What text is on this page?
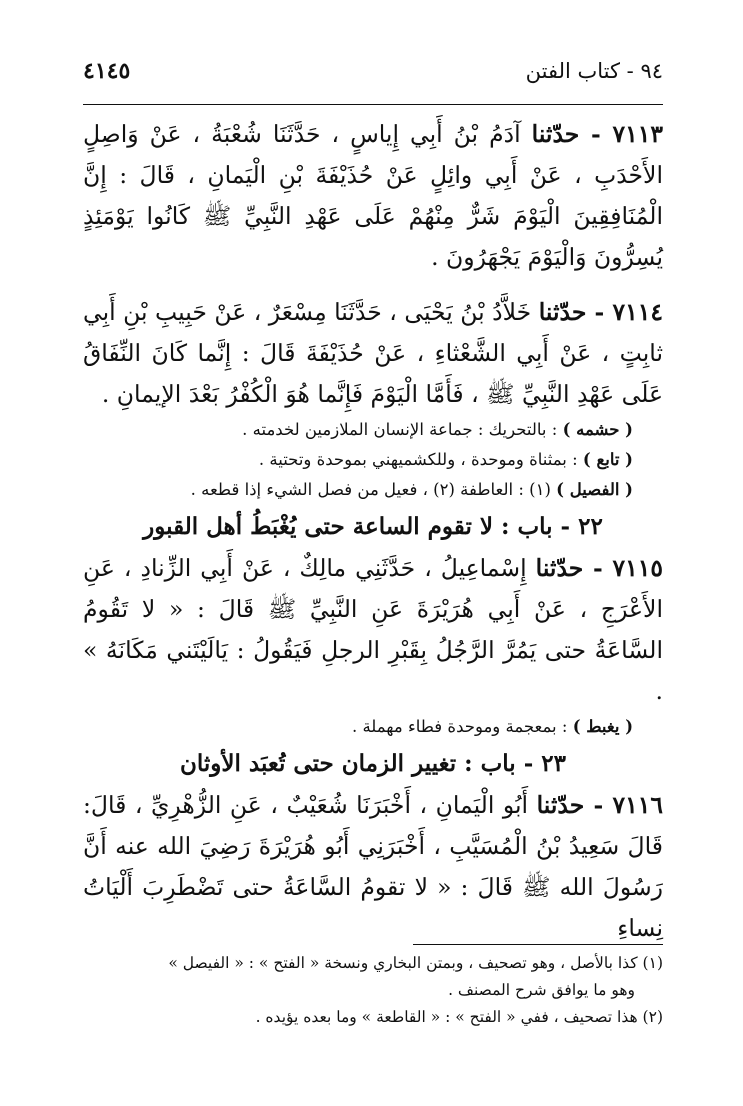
٩٤ - كتاب الفتن
٤١٤٥

٧١١٣ - حدّثنا آدَمُ بْنُ أَبِي إِياسٍ ، حَدَّثَنَا شُعْبَةُ ، عَنْ وَاصِلٍ الأَحْدَبِ ، عَنْ أَبِي وائِلٍ عَنْ حُذَيْفَةَ بْنِ الْيَمانِ ، قَالَ : إِنَّ الْمُنَافِقِينَ الْيَوْمَ شَرٌّ مِنْهُمْ عَلَى عَهْدِ النَّبِيِّ ﷺ كَانُوا يَوْمَئِذٍ يُسِرُّونَ وَالْيَوْمَ يَجْهَرُونَ .

٧١١٤ - حدّثنا خَلاَّدُ بْنُ يَحْيَى ، حَدَّثَنَا مِسْعَرٌ ، عَنْ حَبِيبِ بْنِ أَبِي ثابِتٍ ، عَنْ أَبِي الشَّعْثاءِ ، عَنْ حُذَيْفَةَ قَالَ : إِنَّما كَانَ النِّفَاقُ عَلَى عَهْدِ النَّبِيِّ ﷺ ، فَأَمَّا الْيَوْمَ فَإِنَّما هُوَ الْكُفْرُ بَعْدَ الإيمانِ .

( حشمه ) : بالتحريك : جماعة الإنسان الملازمين لخدمته .

( تابع ) : بمثناة وموحدة ، وللكشميهني بموحدة وتحتية .

( الفصيل ) (١) : العاطفة (٢) ، فعيل من فصل الشيء إذا قطعه .

٢٢ - باب : لا تقوم الساعة حتى يُغْبَطُ أهل القبور

٧١١٥ - حدّثنا إِسْماعِيلُ ، حَدَّثَنِي مالِكٌ ، عَنْ أَبِي الزِّنادِ ، عَنِ الأَعْرَجِ ، عَنْ أَبِي هُرَيْرَةَ عَنِ النَّبِيِّ ﷺ قَالَ : « لا تَقُومُ السَّاعَةُ حتى يَمُرَّ الرَّجُلُ بِقَبْرِ الرجلِ فَيَقُولُ : يَالَيْتَني مَكَانَهُ » .

( يغبط ) : بمعجمة وموحدة فطاء مهملة .

٢٣ - باب : تغيير الزمان حتى تُعبَد الأوثان

٧١١٦ - حدّثنا أَبُو الْيَمانِ ، أَخْبَرَنَا شُعَيْبٌ ، عَنِ الزُّهْرِيِّ ، قَالَ: قَالَ سَعِيدُ بْنُ الْمُسَيَّبِ ، أَخْبَرَنِي أَبُو هُرَيْرَةَ رَضِيَ الله عنه أَنَّ رَسُولَ الله ﷺ قَالَ : « لا تقومُ السَّاعَةُ حتى تَضْطَرِبَ أَلْيَاتُ نِساءِ

(١) كذا بالأصل ، وهو تصحيف ، وبمتن البخاري ونسخة « الفتح » : « الفيصل »

وهو ما يوافق شرح المصنف .

(٢) هذا تصحيف ، ففي « الفتح » : « القاطعة » وما بعده يؤيده .
